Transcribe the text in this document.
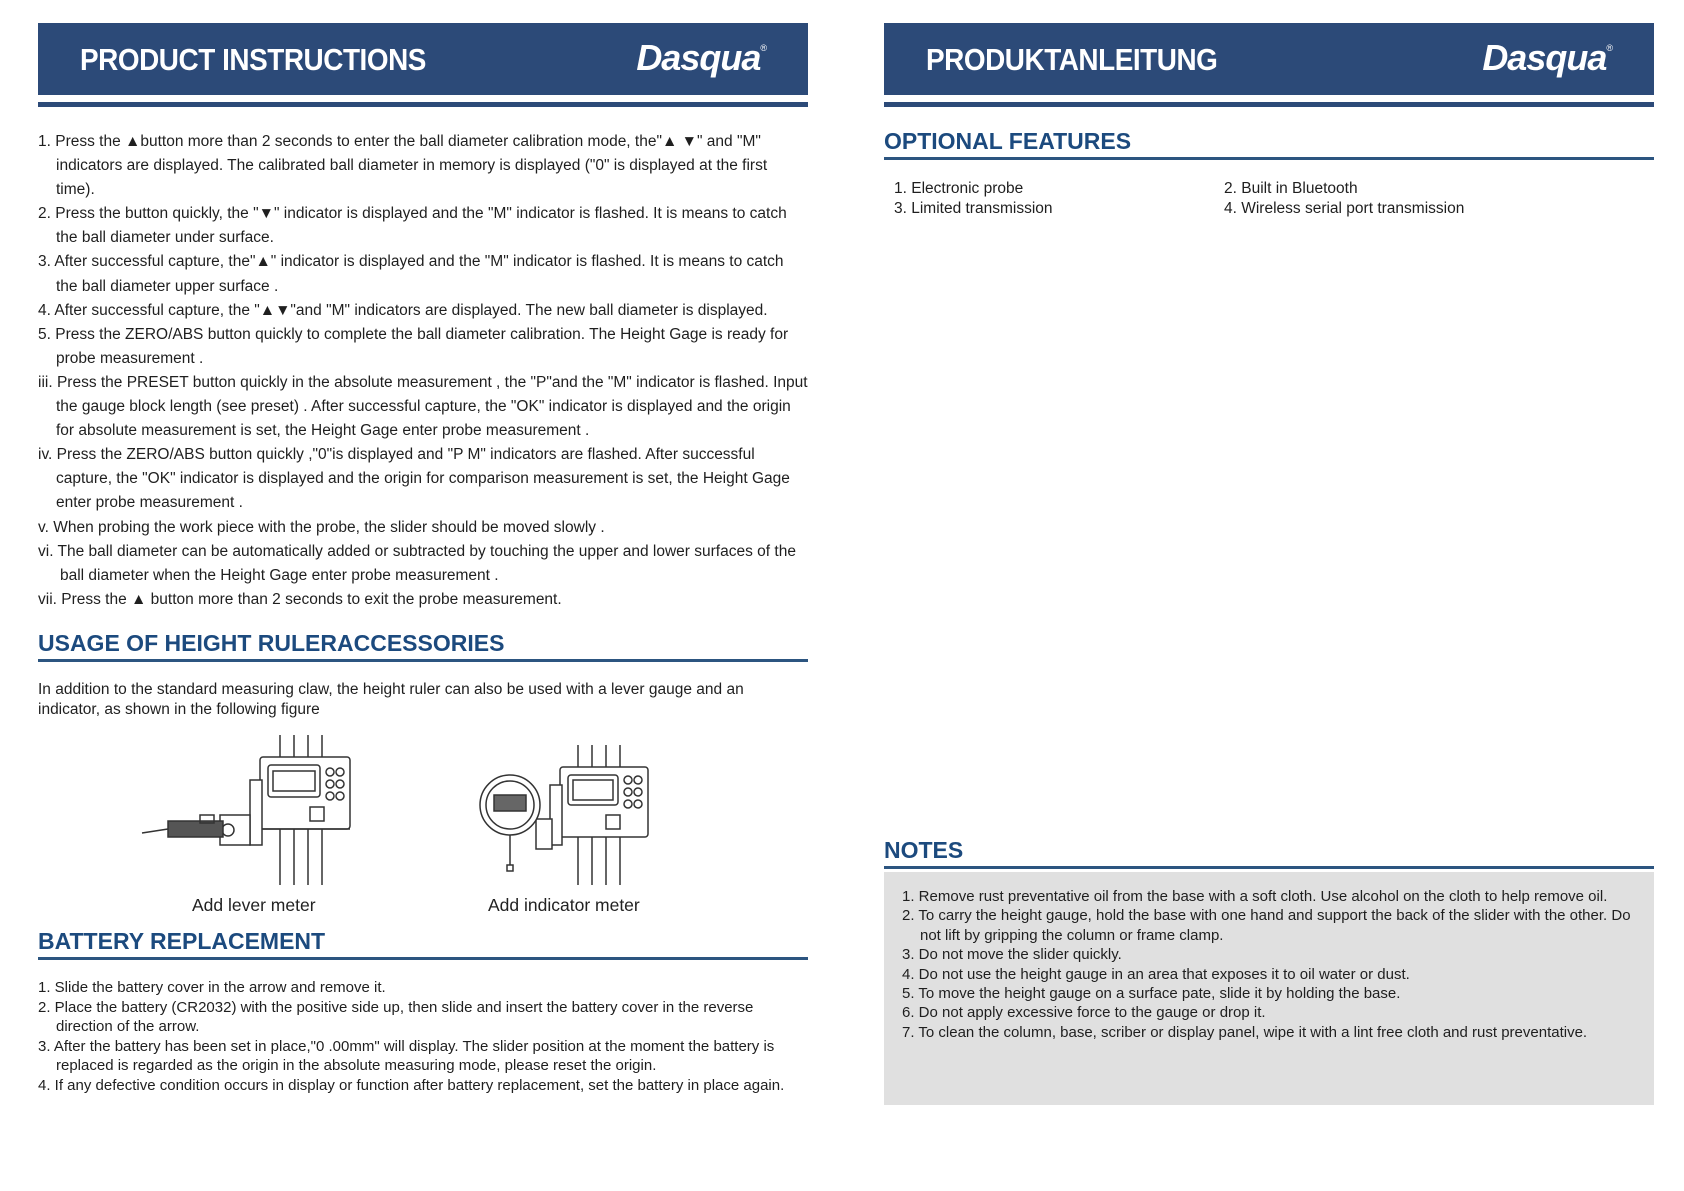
PRODUCT INSTRUCTIONS	Dasqua®
1. Press the ▲button more than 2 seconds to enter the ball diameter calibration mode, the"▲ ▼" and "M" indicators are displayed. The calibrated ball diameter in memory is displayed ("0" is displayed at the first time).
2. Press the button quickly, the "▼" indicator is displayed and the "M" indicator is flashed. It is means to catch the ball diameter under surface.
3. After successful capture, the"▲" indicator is displayed and the "M" indicator is flashed. It is means to catch the ball diameter upper surface .
4. After successful capture, the "▲▼"and "M" indicators are displayed. The new ball diameter is displayed.
5. Press the ZERO/ABS button quickly to complete the ball diameter calibration. The Height Gage is ready for probe measurement .
iii. Press the PRESET button quickly in the absolute measurement , the "P"and the "M" indicator is flashed. Input the gauge block length (see preset) . After successful capture, the "OK" indicator is displayed and the origin for absolute measurement is set, the Height Gage enter probe measurement .
iv. Press the ZERO/ABS button quickly ,"0"is displayed and "P M" indicators are flashed. After successful capture, the "OK" indicator is displayed and the origin for comparison measurement is set, the Height Gage enter probe measurement .
v. When probing the work piece with the probe, the slider should be moved slowly .
vi. The ball diameter can be automatically added or subtracted by touching the upper and lower surfaces of the ball diameter when the Height Gage enter probe measurement .
vii. Press the ▲ button more than 2 seconds to exit the probe measurement.
USAGE OF HEIGHT RULERACCESSORIES
In addition to the standard measuring claw, the height ruler can also be used with a lever gauge and an indicator, as shown in the following figure
Add lever meter	Add indicator meter
BATTERY REPLACEMENT
1. Slide the battery cover in the arrow and remove it.
2. Place the battery (CR2032) with the positive side up, then slide and insert the battery cover in the reverse direction of the arrow.
3. After the battery has been set in place,"0 .00mm" will display. The slider position at the moment the battery is replaced is regarded as the origin in the absolute measuring mode, please reset the origin.
4. If any defective condition occurs in display or function after battery replacement, set the battery in place again.
PRODUKTANLEITUNG	Dasqua®
OPTIONAL FEATURES
1. Electronic probe	2. Built in Bluetooth
3. Limited transmission	4. Wireless serial port transmission
NOTES
1. Remove rust preventative oil from the base with a soft cloth. Use alcohol on the cloth to help remove oil.
2. To carry the height gauge, hold the base with one hand and support the back of the slider with the other. Do not lift by gripping the column or frame clamp.
3. Do not move the slider quickly.
4. Do not use the height gauge in an area that exposes it to oil water or dust.
5. To move the height gauge on a surface pate, slide it by holding the base.
6. Do not apply excessive force to the gauge or drop it.
7. To clean the column, base, scriber or display panel, wipe it with a lint free cloth and rust preventative.
